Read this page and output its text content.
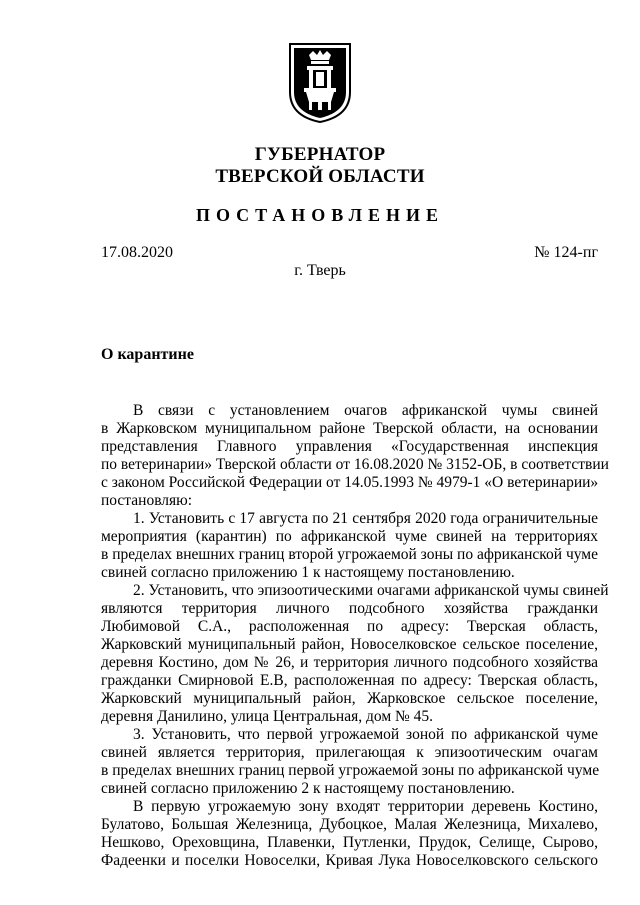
ГУБЕРНАТОР
ТВЕРСКОЙ ОБЛАСТИ
ПОСТАНОВЛЕНИЕ
17.08.2020	№ 124-пг
г. Тверь
О карантине
В связи с установлением очагов африканской чумы свиней
в Жарковском муниципальном районе Тверской области, на основании
представления Главного управления «Государственная инспекция
по ветеринарии» Тверской области от 16.08.2020 № 3152-ОБ, в соответствии
с законом Российской Федерации от 14.05.1993 № 4979-1 «О ветеринарии»
постановляю:
1. Установить с 17 августа по 21 сентября 2020 года ограничительные
мероприятия (карантин) по африканской чуме свиней на территориях
в пределах внешних границ второй угрожаемой зоны по африканской чуме
свиней согласно приложению 1 к настоящему постановлению.
2. Установить, что эпизоотическими очагами африканской чумы свиней
являются территория личного подсобного хозяйства гражданки
Любимовой С.А., расположенная по адресу: Тверская область,
Жарковский муниципальный район, Новоселковское сельское поселение,
деревня Костино, дом № 26, и территория личного подсобного хозяйства
гражданки Смирновой Е.В, расположенная по адресу: Тверская область,
Жарковский муниципальный район, Жарковское сельское поселение,
деревня Данилино, улица Центральная, дом № 45.
3. Установить, что первой угрожаемой зоной по африканской чуме
свиней является территория, прилегающая к эпизоотическим очагам
в пределах внешних границ первой угрожаемой зоны по африканской чуме
свиней согласно приложению 2 к настоящему постановлению.
В первую угрожаемую зону входят территории деревень Костино,
Булатово, Большая Железница, Дубоцкое, Малая Железница, Михалево,
Нешково, Ореховщина, Плавенки, Путленки, Прудок, Селище, Сырово,
Фадеенки и поселки Новоселки, Кривая Лука Новоселковского сельского
